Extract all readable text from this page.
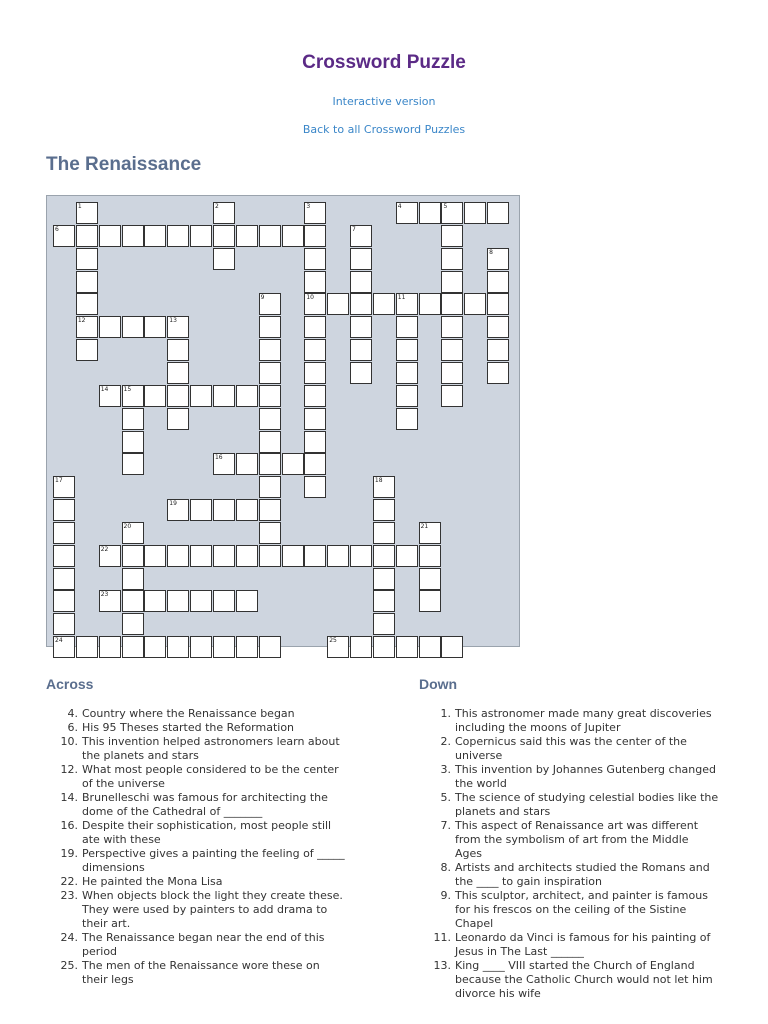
Crossword Puzzle
Interactive version
Back to all Crossword Puzzles
The Renaissance
1
12
2	3
10
4	5
6	7
8
9	11
13
14	15
16
17
24
18
19
20	21
22
23
25
Across
4. Country where the Renaissance began
6. His 95 Theses started the Reformation
10. This invention helped astronomers learn about the planets and stars
12. What most people considered to be the center of the universe
14. Brunelleschi was famous for architecting the dome of the Cathedral of _______
16. Despite their sophistication, most people still ate with these
19. Perspective gives a painting the feeling of _____ dimensions
22. He painted the Mona Lisa
23. When objects block the light they create these. They were used by painters to add drama to their art.
24. The Renaissance began near the end of this period
25. The men of the Renaissance wore these on their legs
Down
1. This astronomer made many great discoveries including the moons of Jupiter
2. Copernicus said this was the center of the universe
3. This invention by Johannes Gutenberg changed the world
5. The science of studying celestial bodies like the planets and stars
7. This aspect of Renaissance art was different from the symbolism of art from the Middle Ages
8. Artists and architects studied the Romans and the ____ to gain inspiration
9. This sculptor, architect, and painter is famous for his frescos on the ceiling of the Sistine Chapel
11. Leonardo da Vinci is famous for his painting of Jesus in The Last ______
13. King ____ VIII started the Church of England because the Catholic Church would not let him divorce his wife
